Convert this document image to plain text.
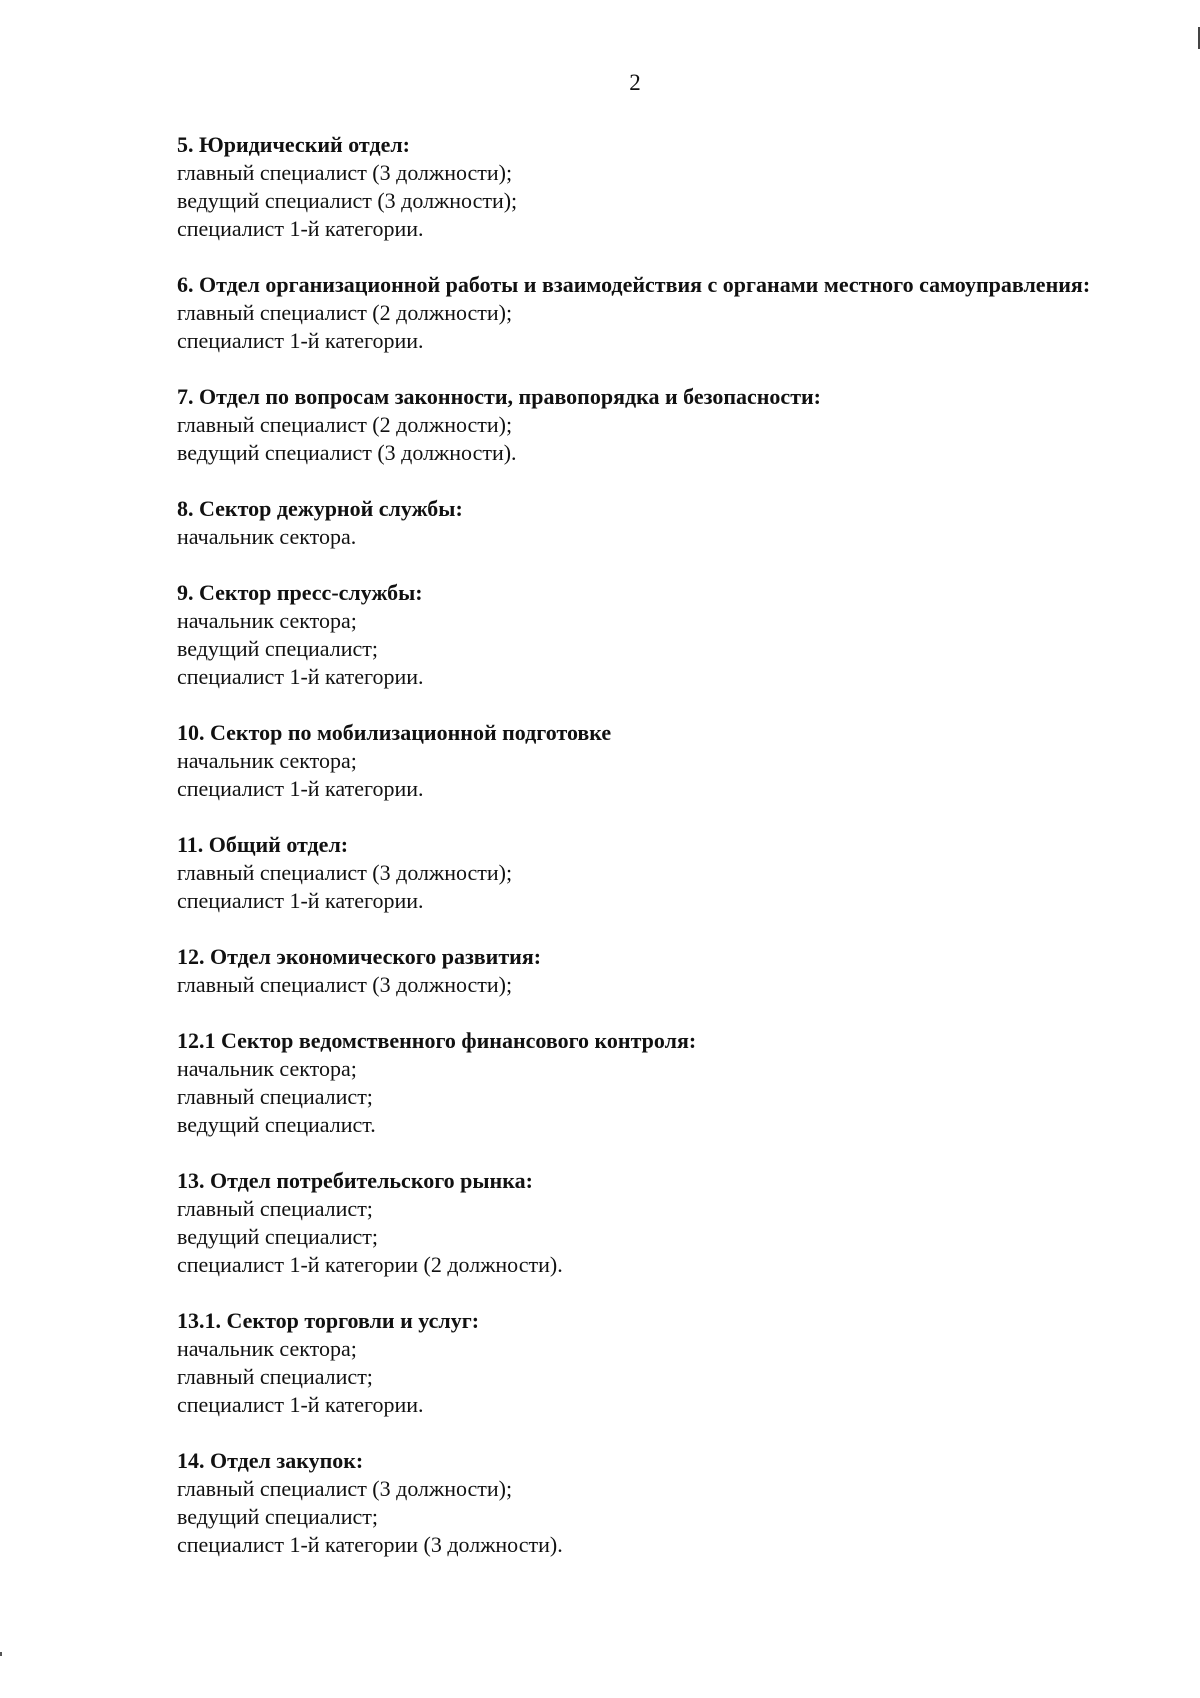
2
5. Юридический отдел:
главный специалист (3 должности);
ведущий специалист (3 должности);
специалист 1-й категории.
6. Отдел организационной работы и взаимодействия с органами местного самоуправления:
главный специалист (2 должности);
специалист 1-й категории.
7. Отдел по вопросам законности, правопорядка и безопасности:
главный специалист (2 должности);
ведущий специалист (3 должности).
8. Сектор дежурной службы:
начальник сектора.
9. Сектор пресс-службы:
начальник сектора;
ведущий специалист;
специалист 1-й категории.
10. Сектор по мобилизационной подготовке
начальник сектора;
специалист 1-й категории.
11. Общий отдел:
главный специалист (3 должности);
специалист 1-й категории.
12. Отдел экономического развития:
главный специалист (3 должности);
12.1 Сектор ведомственного финансового контроля:
начальник сектора;
главный специалист;
ведущий специалист.
13. Отдел потребительского рынка:
главный специалист;
ведущий специалист;
специалист 1-й категории (2 должности).
13.1. Сектор торговли и услуг:
начальник сектора;
главный специалист;
специалист 1-й категории.
14. Отдел закупок:
главный специалист (3 должности);
ведущий специалист;
специалист 1-й категории (3 должности).
